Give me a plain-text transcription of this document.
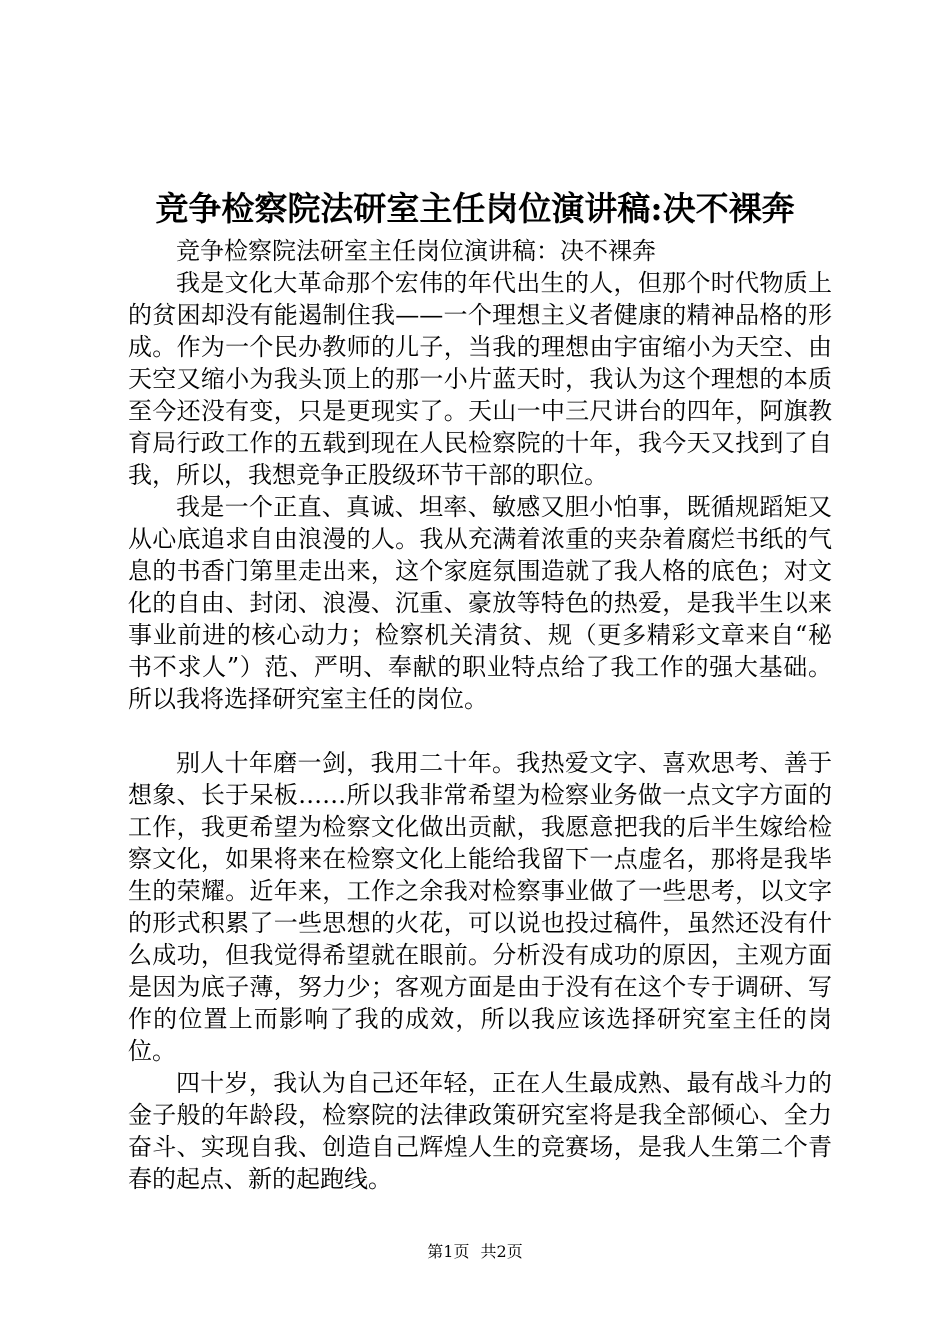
竞争检察院法研室主任岗位演讲稿:决不裸奔

竞争检察院法研室主任岗位演讲稿：决不裸奔

我是文化大革命那个宏伟的年代出生的人，但那个时代物质上的贫困却没有能遏制住我——一个理想主义者健康的精神品格的形成。作为一个民办教师的儿子，当我的理想由宇宙缩小为天空、由天空又缩小为我头顶上的那一小片蓝天时，我认为这个理想的本质至今还没有变，只是更现实了。天山一中三尺讲台的四年，阿旗教育局行政工作的五载到现在人民检察院的十年，我今天又找到了自我，所以，我想竞争正股级环节干部的职位。

我是一个正直、真诚、坦率、敏感又胆小怕事，既循规蹈矩又从心底追求自由浪漫的人。我从充满着浓重的夹杂着腐烂书纸的气息的书香门第里走出来，这个家庭氛围造就了我人格的底色；对文化的自由、封闭、浪漫、沉重、豪放等特色的热爱，是我半生以来事业前进的核心动力；检察机关清贫、规（更多精彩文章来自“秘书不求人”）范、严明、奉献的职业特点给了我工作的强大基础。所以我将选择研究室主任的岗位。

别人十年磨一剑，我用二十年。我热爱文字、喜欢思考、善于想象、长于呆板……所以我非常希望为检察业务做一点文字方面的工作，我更希望为检察文化做出贡献，我愿意把我的后半生嫁给检察文化，如果将来在检察文化上能给我留下一点虚名，那将是我毕生的荣耀。近年来，工作之余我对检察事业做了一些思考，以文字的形式积累了一些思想的火花，可以说也投过稿件，虽然还没有什么成功，但我觉得希望就在眼前。分析没有成功的原因，主观方面是因为底子薄，努力少；客观方面是由于没有在这个专于调研、写作的位置上而影响了我的成效，所以我应该选择研究室主任的岗位。

四十岁，我认为自己还年轻，正在人生最成熟、最有战斗力的金子般的年龄段，检察院的法律政策研究室将是我全部倾心、全力奋斗、实现自我、创造自己辉煌人生的竞赛场，是我人生第二个青春的起点、新的起跑线。

第1页 共2页
